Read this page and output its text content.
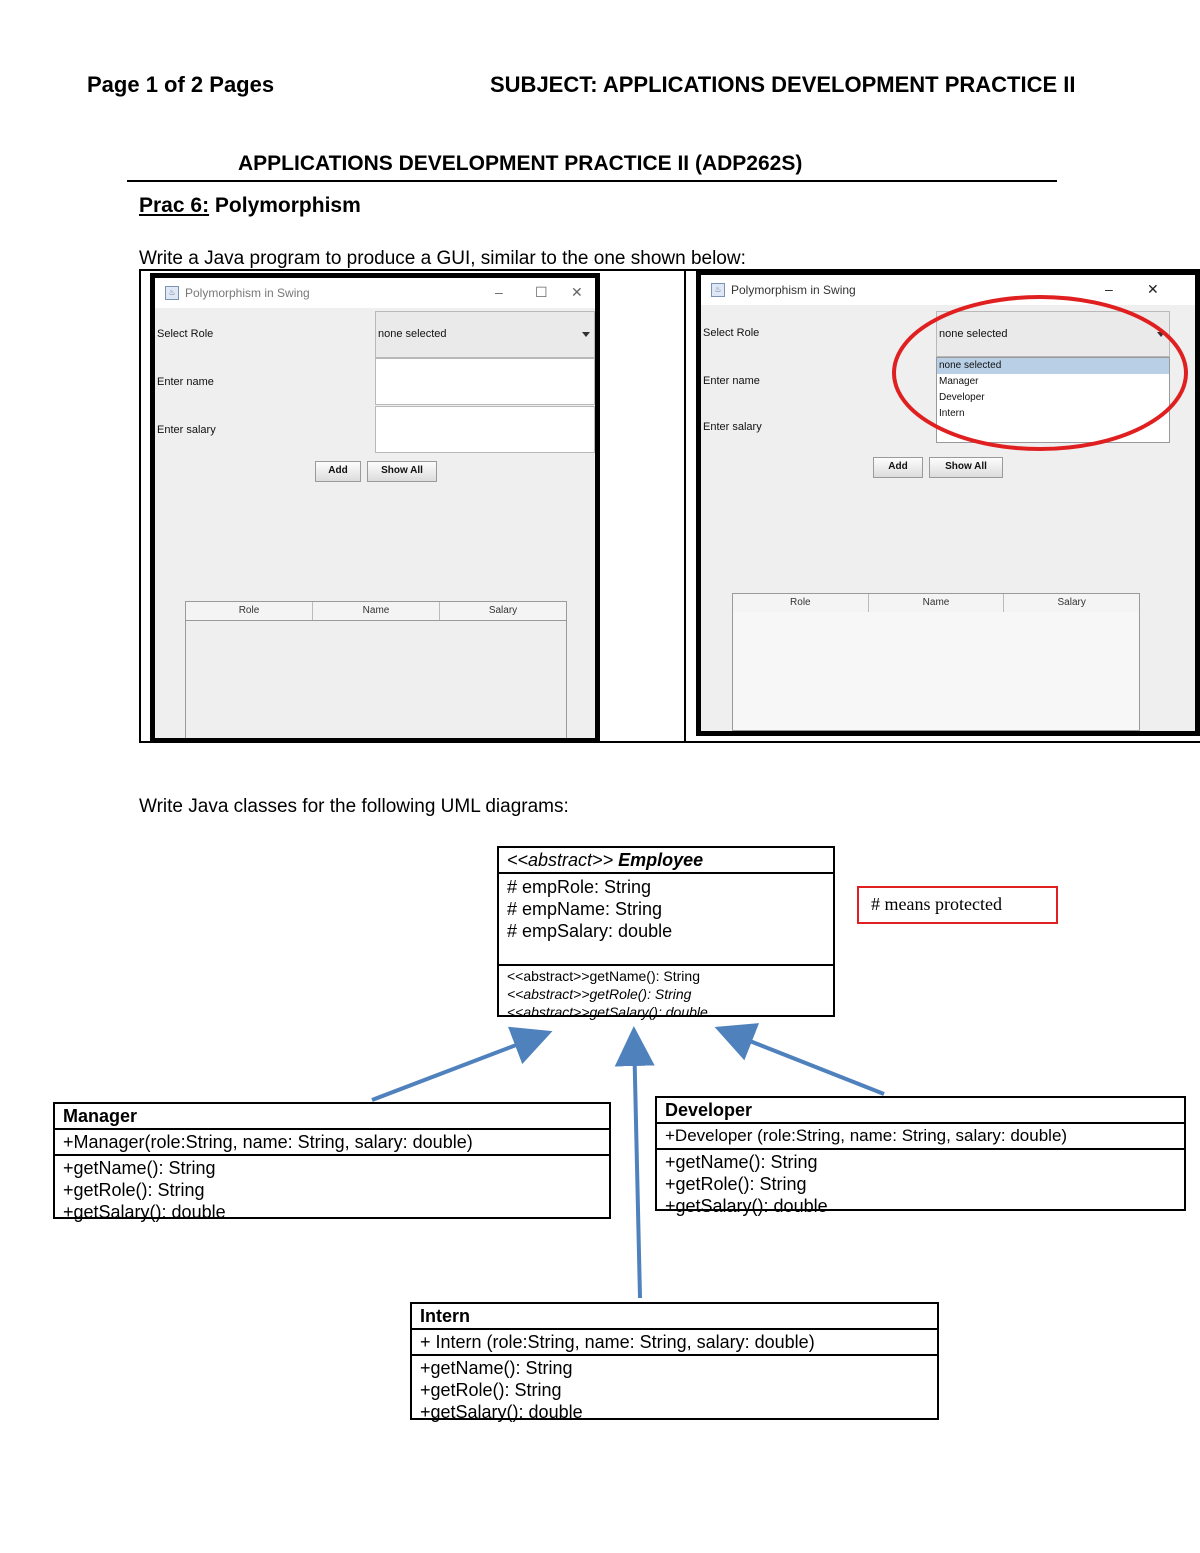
Page 1 of 2 Pages	SUBJECT: APPLICATIONS DEVELOPMENT PRACTICE II
APPLICATIONS DEVELOPMENT PRACTICE II (ADP262S)
Prac 6: Polymorphism
Write a Java program to produce a GUI, similar to the one shown below:
♨ Polymorphism in Swing	– ☐ ✕
Select Role	none selected
Enter name
Enter salary
Add	Show All
Role	Name	Salary
♨ Polymorphism in Swing	– ✕
Select Role	none selected
Enter name
Enter salary
none selected
Manager
Developer
Intern
Add	Show All
Role	Name	Salary
Write Java classes for the following UML diagrams:
<<abstract>> Employee
# empRole: String
# empName: String
# empSalary: double
<<abstract>>getName(): String
<<abstract>>getRole(): String
<<abstract>>getSalary(): double
# means protected
Manager
+Manager(role:String, name: String, salary: double)
+getName(): String
+getRole(): String
+getSalary(): double
Developer
+Developer (role:String, name: String, salary: double)
+getName(): String
+getRole(): String
+getSalary(): double
Intern
+ Intern (role:String, name: String, salary: double)
+getName(): String
+getRole(): String
+getSalary(): double
